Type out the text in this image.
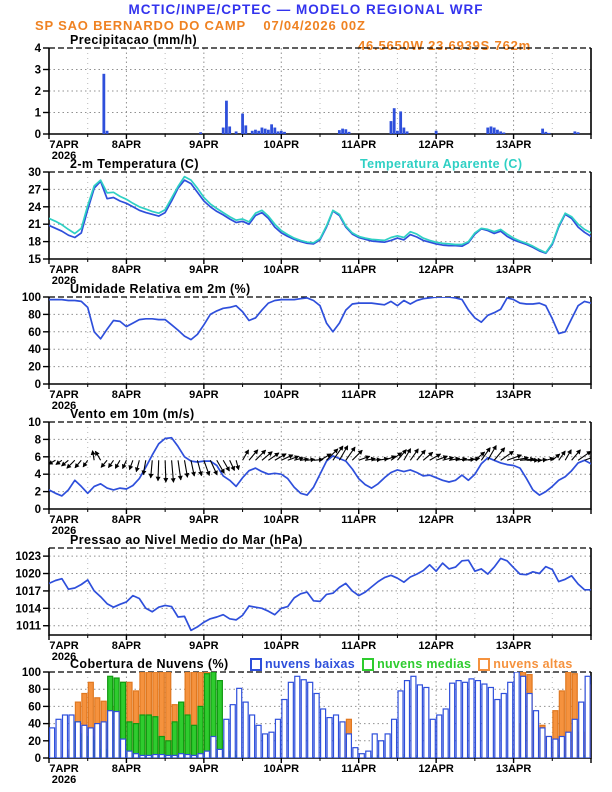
MCTIC/INPE/CPTEC — MODELO REGIONAL WRF
SP SAO BERNARDO DO CAMP    07/04/2026 00Z
46.5650W 23.6939S 762m
Precipitacao (mm/h)
2-m Temperatura (C)	Temperatura Aparente (C)
Umidade Relativa em 2m (%)
Vento em 10m (m/s)
Pressao ao Nivel Medio do Mar (hPa)
Cobertura de Nuvens (%)	nuvens baixas nuvens medias nuvens altas
0
1
2
3
4
7APR	8APR	9APR	10APR	11APR	12APR	13APR
2026
15
18
21
24
27
30
7APR	8APR	9APR	10APR	11APR	12APR	13APR
2026
0
20
40
60
80
100
7APR	8APR	9APR	10APR	11APR	12APR	13APR
2026
0
2
4
6
8
10
7APR	8APR	9APR	10APR	11APR	12APR	13APR
2026
1011
1014
1017
1020
1023
7APR	8APR	9APR	10APR	11APR	12APR	13APR
2026
0
20
40
60
80
100
7APR	8APR	9APR	10APR	11APR	12APR	13APR
2026
